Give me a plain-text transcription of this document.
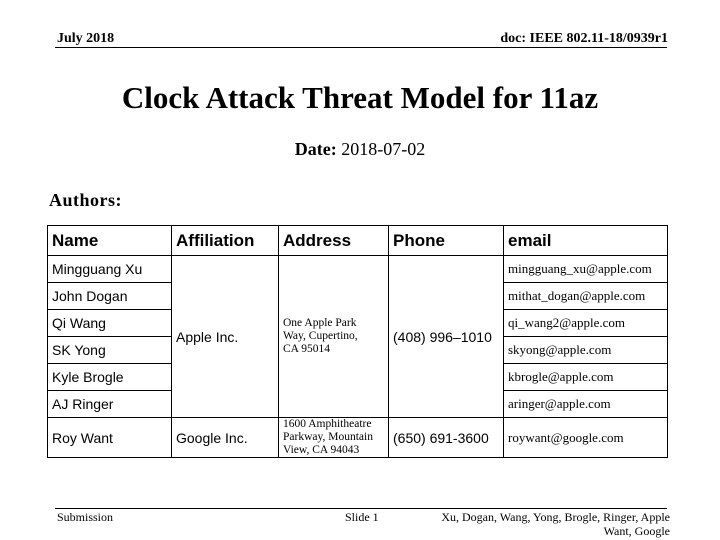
July 2018	doc: IEEE 802.11-18/0939r1
Clock Attack Threat Model for 11az
Date: 2018-07-02
Authors:
Name	Affiliation	Address	Phone	email
Mingguang Xu	Apple Inc.	One Apple Park
Way, Cupertino,
CA 95014	(408) 996–1010	mingguang_xu@apple.com
John Dogan				mithat_dogan@apple.com
Qi Wang				qi_wang2@apple.com
SK Yong				skyong@apple.com
Kyle Brogle				kbrogle@apple.com
AJ Ringer				aringer@apple.com
Roy Want	Google Inc.	1600 Amphitheatre
Parkway, Mountain
View, CA 94043	(650) 691-3600	roywant@google.com
Submission	Slide 1	Xu, Dogan, Wang, Yong, Brogle, Ringer, Apple
Want, Google
